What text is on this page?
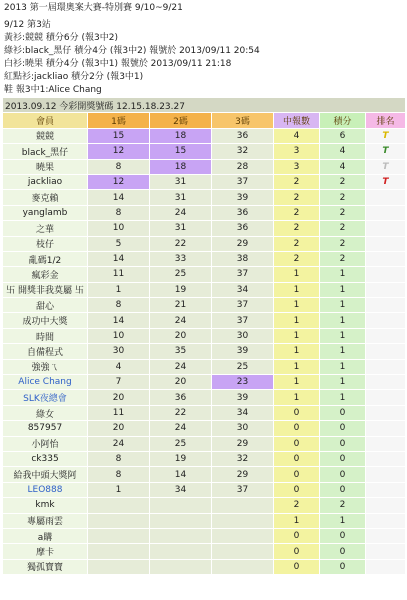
2013 第一屆環奧案大賽-特別賽 9/10~9/21
9/12 第3站
黃衫:競競 積分6分 (報3中2)
綠衫:black_黑仔 積分4分 (報3中2) 報號於 2013/09/11 20:54
白衫:曉果 積分4分 (報3中1) 報號於 2013/09/11 21:18
紅點衫:jackliao 積分2分 (報3中1)
鞋 報3中1:Alice Chang
2013.09.12 今彩開獎號碼 12.15.18.23.27						
會員	1碼	2碼	3碼	中報數	積分	排名
競競	15	18	36	4	6	T
black_黑仔	12	15	32	3	4	T
曉果	8	18	28	3	4	T
jackliao	12	31	37	2	2	T
麥克賴	14	31	39	2	2	
yanglamb	8	24	36	2	2	
之華	10	31	36	2	2	
枝仔	5	22	29	2	2	
亂碼1/2	14	33	38	2	2	
瘋彩金	11	25	37	1	1	
卐 開獎非我莫屬 卐	1	19	34	1	1	
甜心	8	21	37	1	1	
成功中大獎	14	24	37	1	1	
時間	10	20	30	1	1	
自備程式	30	35	39	1	1	
強強ㄟ	4	24	25	1	1	
Alice Chang	7	20	23	1	1	
SLK夜總會	20	36	39	1	1	
綠女	11	22	34	0	0	
857957	20	24	30	0	0	
小阿怡	24	25	29	0	0	
ck335	8	19	32	0	0	
給我中頭大獎阿	8	14	29	0	0	
LEO888	1	34	37	0	0	
kmk				2	2	
專屬雨雲				1	1	
a購				0	0	
摩卡				0	0	
獨孤寶寶				0	0	
